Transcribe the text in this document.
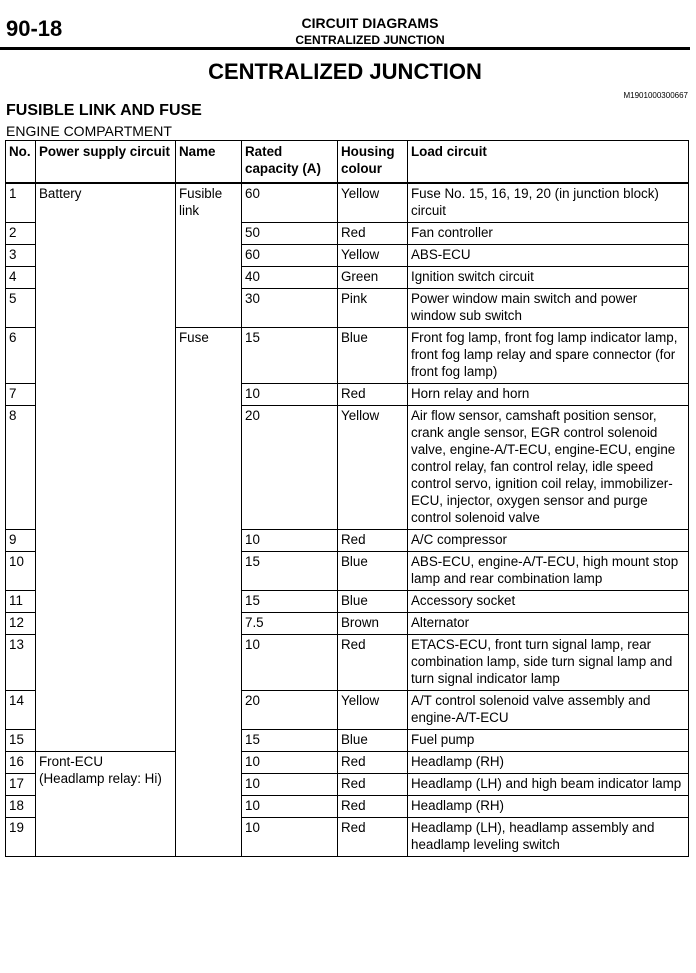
90-18	CIRCUIT DIAGRAMS
CENTRALIZED JUNCTION
CENTRALIZED JUNCTION
M1901000300667
FUSIBLE LINK AND FUSE
ENGINE COMPARTMENT
No.	Power supply circuit	Name	Rated capacity (A)	Housing colour	Load circuit
1	Battery	Fusible link	60	Yellow	Fuse No. 15, 16, 19, 20 (in junction block) circuit
2			50	Red	Fan controller
3			60	Yellow	ABS-ECU
4			40	Green	Ignition switch circuit
5			30	Pink	Power window main switch and power window sub switch
6		Fuse	15	Blue	Front fog lamp, front fog lamp indicator lamp, front fog lamp relay and spare connector (for front fog lamp)
7			10	Red	Horn relay and horn
8			20	Yellow	Air flow sensor, camshaft position sensor, crank angle sensor, EGR control solenoid valve, engine-A/T-ECU, engine-ECU, engine control relay, fan control relay, idle speed control servo, ignition coil relay, immobilizer-ECU, injector, oxygen sensor and purge control solenoid valve
9			10	Red	A/C compressor
10			15	Blue	ABS-ECU, engine-A/T-ECU, high mount stop lamp and rear combination lamp
11			15	Blue	Accessory socket
12			7.5	Brown	Alternator
13			10	Red	ETACS-ECU, front turn signal lamp, rear combination lamp, side turn signal lamp and turn signal indicator lamp
14			20	Yellow	A/T control solenoid valve assembly and engine-A/T-ECU
15			15	Blue	Fuel pump
16	Front-ECU (Headlamp relay: Hi)		10	Red	Headlamp (RH)
17			10	Red	Headlamp (LH) and high beam indicator lamp
18			10	Red	Headlamp (RH)
19			10	Red	Headlamp (LH), headlamp assembly and headlamp leveling switch
